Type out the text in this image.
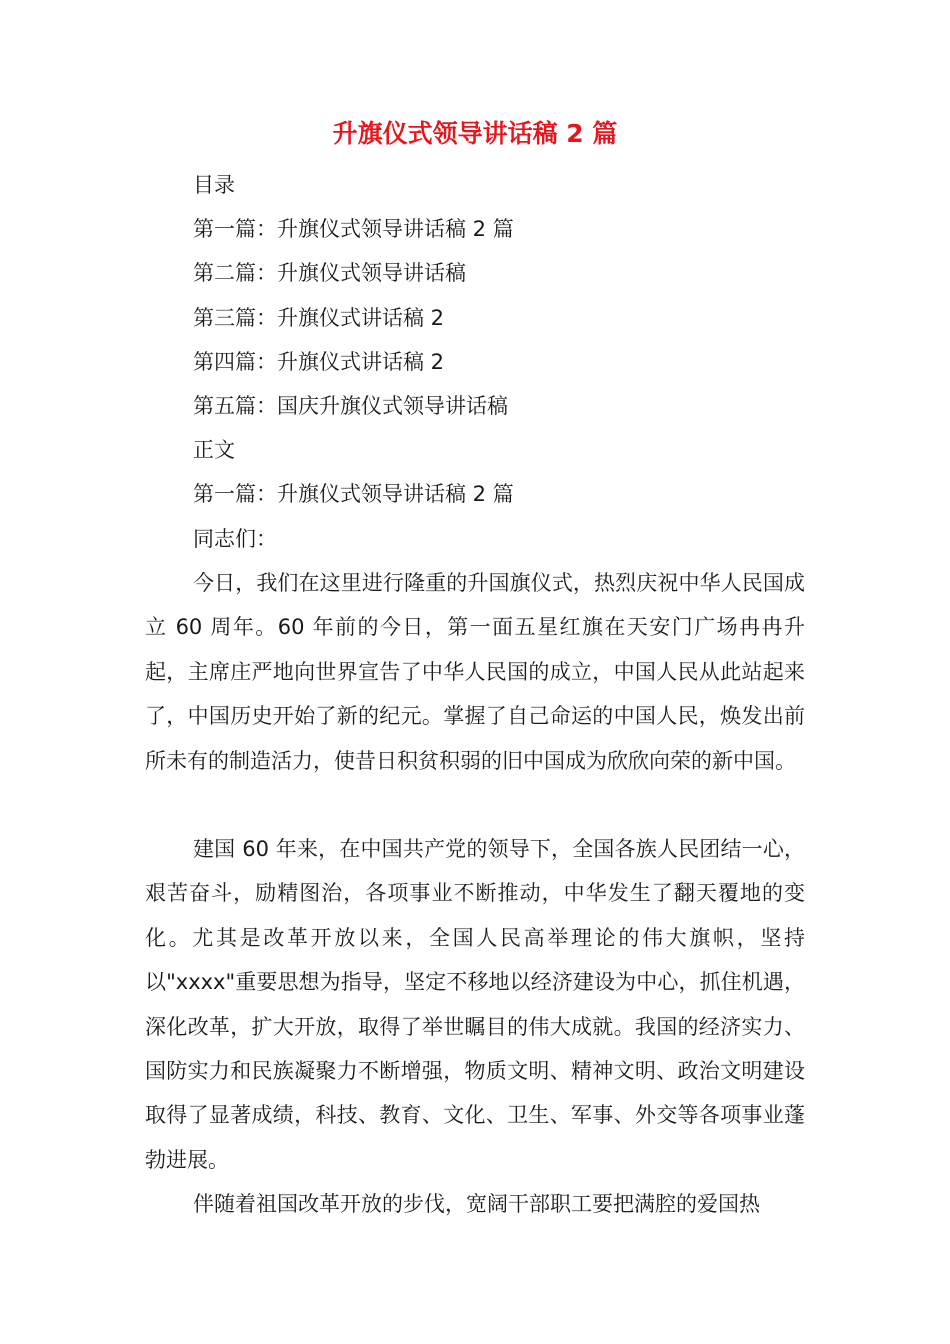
升旗仪式领导讲话稿 2 篇
目录
第一篇：升旗仪式领导讲话稿 2 篇
第二篇：升旗仪式领导讲话稿
第三篇：升旗仪式讲话稿 2
第四篇：升旗仪式讲话稿 2
第五篇：国庆升旗仪式领导讲话稿
正文
第一篇：升旗仪式领导讲话稿 2 篇
同志们：
今日，我们在这里进行隆重的升国旗仪式，热烈庆祝中华人民国成立 60 周年。60 年前的今日，第一面五星红旗在天安门广场冉冉升起，主席庄严地向世界宣告了中华人民国的成立，中国人民从此站起来了，中国历史开始了新的纪元。掌握了自己命运的中国人民，焕发出前所未有的制造活力，使昔日积贫积弱的旧中国成为欣欣向荣的新中国。
建国 60 年来，在中国共产党的领导下，全国各族人民团结一心，艰苦奋斗，励精图治，各项事业不断推动，中华发生了翻天覆地的变化。尤其是改革开放以来，全国人民高举理论的伟大旗帜，坚持以"xxxx"重要思想为指导，坚定不移地以经济建设为中心，抓住机遇，深化改革，扩大开放，取得了举世瞩目的伟大成就。我国的经济实力、国防实力和民族凝聚力不断增强，物质文明、精神文明、政治文明建设取得了显著成绩，科技、教育、文化、卫生、军事、外交等各项事业蓬勃进展。
伴随着祖国改革开放的步伐，宽阔干部职工要把满腔的爱国热
